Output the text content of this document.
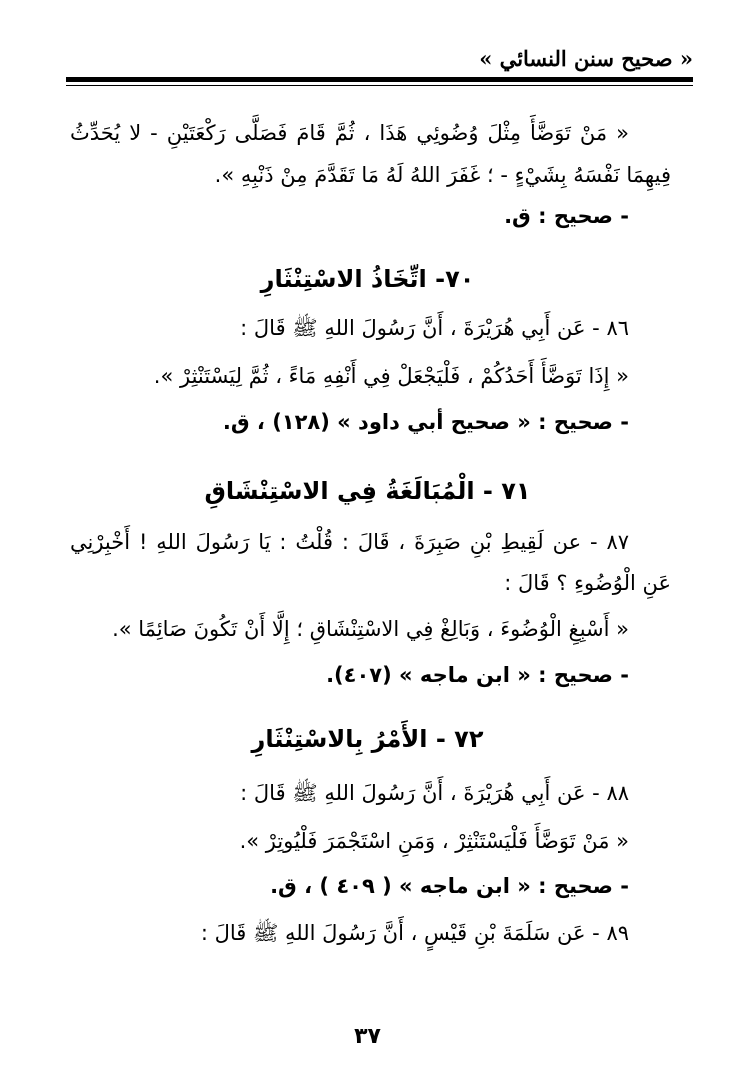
« صحيح سنن النسائي »
« مَنْ تَوَضَّأَ مِثْلَ وُضُوئِي هَذَا ، ثُمَّ قَامَ فَصَلَّى رَكْعَتَيْنِ - لا يُحَدِّثُ
فِيهِمَا نَفْسَهُ بِشَيْءٍ - ؛ غَفَرَ اللهُ لَهُ مَا تَقَدَّمَ مِنْ ذَنْبِهِ ».
- صحيح : ق.
٧٠- اتِّخَاذُ الاسْتِنْثَارِ
٨٦ - عَن أَبِي هُرَيْرَةَ ، أَنَّ رَسُولَ اللهِ ﷺ قَالَ :
« إِذَا تَوَضَّأَ أَحَدُكُمْ ، فَلْيَجْعَلْ فِي أَنْفِهِ مَاءً ، ثُمَّ لِيَسْتَنْثِرْ ».
- صحيح : « صحيح أبي داود » (١٢٨) ، ق.
٧١ - الْمُبَالَغَةُ فِي الاسْتِنْشَاقِ
٨٧ - عن لَقِيطِ بْنِ صَبِرَةَ ، قَالَ : قُلْتُ : يَا رَسُولَ اللهِ ! أَخْبِرْنِي
عَنِ الْوُضُوءِ ؟ قَالَ :
« أَسْبِغِ الْوُضُوءَ ، وَبَالِغْ فِي الاسْتِنْشَاقِ ؛ إِلَّا أَنْ تَكُونَ صَائِمًا ».
- صحيح : « ابن ماجه » (٤٠٧).
٧٢ - الأَمْرُ بِالاسْتِنْثَارِ
٨٨ - عَن أَبِي هُرَيْرَةَ ، أَنَّ رَسُولَ اللهِ ﷺ قَالَ :
« مَنْ تَوَضَّأَ فَلْيَسْتَنْثِرْ ، وَمَنِ اسْتَجْمَرَ فَلْيُوتِرْ ».
- صحيح : « ابن ماجه » ( ٤٠٩ ) ، ق.
٨٩ - عَن سَلَمَةَ بْنِ قَيْسٍ ، أَنَّ رَسُولَ اللهِ ﷺ قَالَ :
٣٧
